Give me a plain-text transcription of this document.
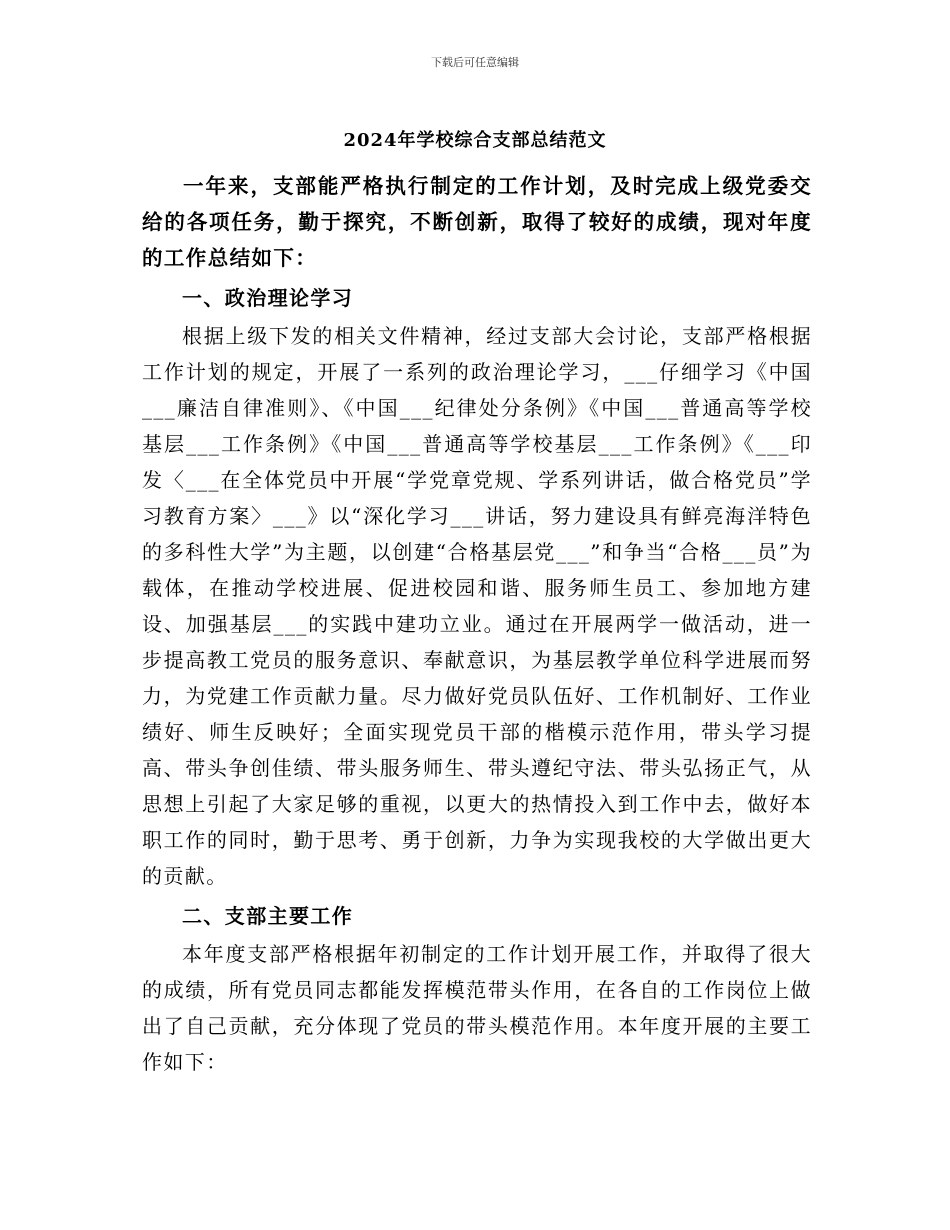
下载后可任意编辑
2024年学校综合支部总结范文

一年来，支部能严格执行制定的工作计划，及时完成上级党委交给的各项任务，勤于探究，不断创新，取得了较好的成绩，现对年度的工作总结如下：

一、政治理论学习

根据上级下发的相关文件精神，经过支部大会讨论，支部严格根据工作计划的规定，开展了一系列的政治理论学习，___仔细学习《中国___廉洁自律准则》、《中国___纪律处分条例》《中国___普通高等学校基层___工作条例》《中国___普通高等学校基层___工作条例》《___印发〈___在全体党员中开展“学党章党规、学系列讲话，做合格党员”学习教育方案〉___》以“深化学习___讲话，努力建设具有鲜亮海洋特色的多科性大学”为主题，以创建“合格基层党___”和争当“合格___员”为载体，在推动学校进展、促进校园和谐、服务师生员工、参加地方建设、加强基层___的实践中建功立业。通过在开展两学一做活动，进一步提高教工党员的服务意识、奉献意识，为基层教学单位科学进展而努力，为党建工作贡献力量。尽力做好党员队伍好、工作机制好、工作业绩好、师生反映好；全面实现党员干部的楷模示范作用，带头学习提高、带头争创佳绩、带头服务师生、带头遵纪守法、带头弘扬正气，从思想上引起了大家足够的重视，以更大的热情投入到工作中去，做好本职工作的同时，勤于思考、勇于创新，力争为实现我校的大学做出更大的贡献。

二、支部主要工作

本年度支部严格根据年初制定的工作计划开展工作，并取得了很大的成绩，所有党员同志都能发挥模范带头作用，在各自的工作岗位上做出了自己贡献，充分体现了党员的带头模范作用。本年度开展的主要工作如下：
